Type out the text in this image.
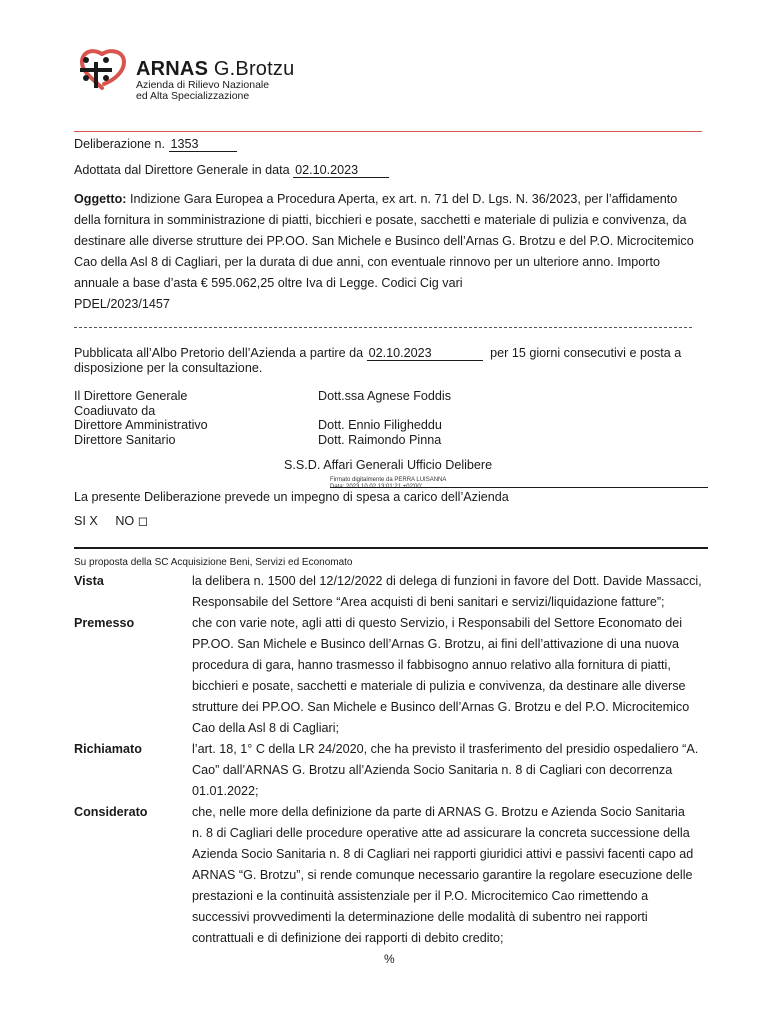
ARNAS G.Brotzu
Azienda di Rilievo Nazionale
ed Alta Specializzazione
Deliberazione n. 1353
Adottata dal Direttore Generale in data 02.10.2023
Oggetto: Indizione Gara Europea a Procedura Aperta, ex art. n. 71 del D. Lgs. N. 36/2023, per l’affidamento
della fornitura in somministrazione di piatti, bicchieri e posate, sacchetti e materiale di pulizia e convivenza, da
destinare alle diverse strutture dei PP.OO. San Michele e Businco dell’Arnas G. Brotzu e del P.O. Microcitemico
Cao della Asl 8 di Cagliari, per la durata di due anni, con eventuale rinnovo per un ulteriore anno. Importo
annuale a base d’asta € 595.062,25 oltre Iva di Legge. Codici Cig vari
PDEL/2023/1457
Pubblicata all’Albo Pretorio dell’Azienda a partire da 02.10.2023	per 15 giorni consecutivi e posta a
disposizione per la consultazione.
Il Direttore Generale	Dott.ssa Agnese Foddis
Coadiuvato da
Direttore Amministrativo	Dott. Ennio Filigheddu
Direttore Sanitario	Dott. Raimondo Pinna
S.S.D. Affari Generali Ufficio Delibere
Firmato digitalmente da PERRA LUISANNA
La presente Deliberazione prevede un impegno di spesa a carico dell’Azienda
SI X NO ◻
Su proposta della SC Acquisizione Beni, Servizi ed Economato
Vista	la delibera n. 1500 del 12/12/2022 di delega di funzioni in favore del Dott. Davide Massacci,
Responsabile del Settore “Area acquisti di beni sanitari e servizi/liquidazione fatture”;
Premesso	che con varie note, agli atti di questo Servizio, i Responsabili del Settore Economato dei
PP.OO. San Michele e Businco dell’Arnas G. Brotzu, ai fini dell’attivazione di una nuova
procedura di gara, hanno trasmesso il fabbisogno annuo relativo alla fornitura di piatti,
bicchieri e posate, sacchetti e materiale di pulizia e convivenza, da destinare alle diverse
strutture dei PP.OO. San Michele e Businco dell’Arnas G. Brotzu e del P.O. Microcitemico
Cao della Asl 8 di Cagliari;
Richiamato	l’art. 18, 1° C della LR 24/2020, che ha previsto il trasferimento del presidio ospedaliero “A.
Cao” dall’ARNAS G. Brotzu all’Azienda Socio Sanitaria n. 8 di Cagliari con decorrenza
01.01.2022;
Considerato	che, nelle more della definizione da parte di ARNAS G. Brotzu e Azienda Socio Sanitaria
n. 8 di Cagliari delle procedure operative atte ad assicurare la concreta successione della
Azienda Socio Sanitaria n. 8 di Cagliari nei rapporti giuridici attivi e passivi facenti capo ad
ARNAS “G. Brotzu”, si rende comunque necessario garantire la regolare esecuzione delle
prestazioni e la continuità assistenziale per il P.O. Microcitemico Cao rimettendo a
successivi provvedimenti la determinazione delle modalità di subentro nei rapporti
contrattuali e di definizione dei rapporti di debito credito;
%
